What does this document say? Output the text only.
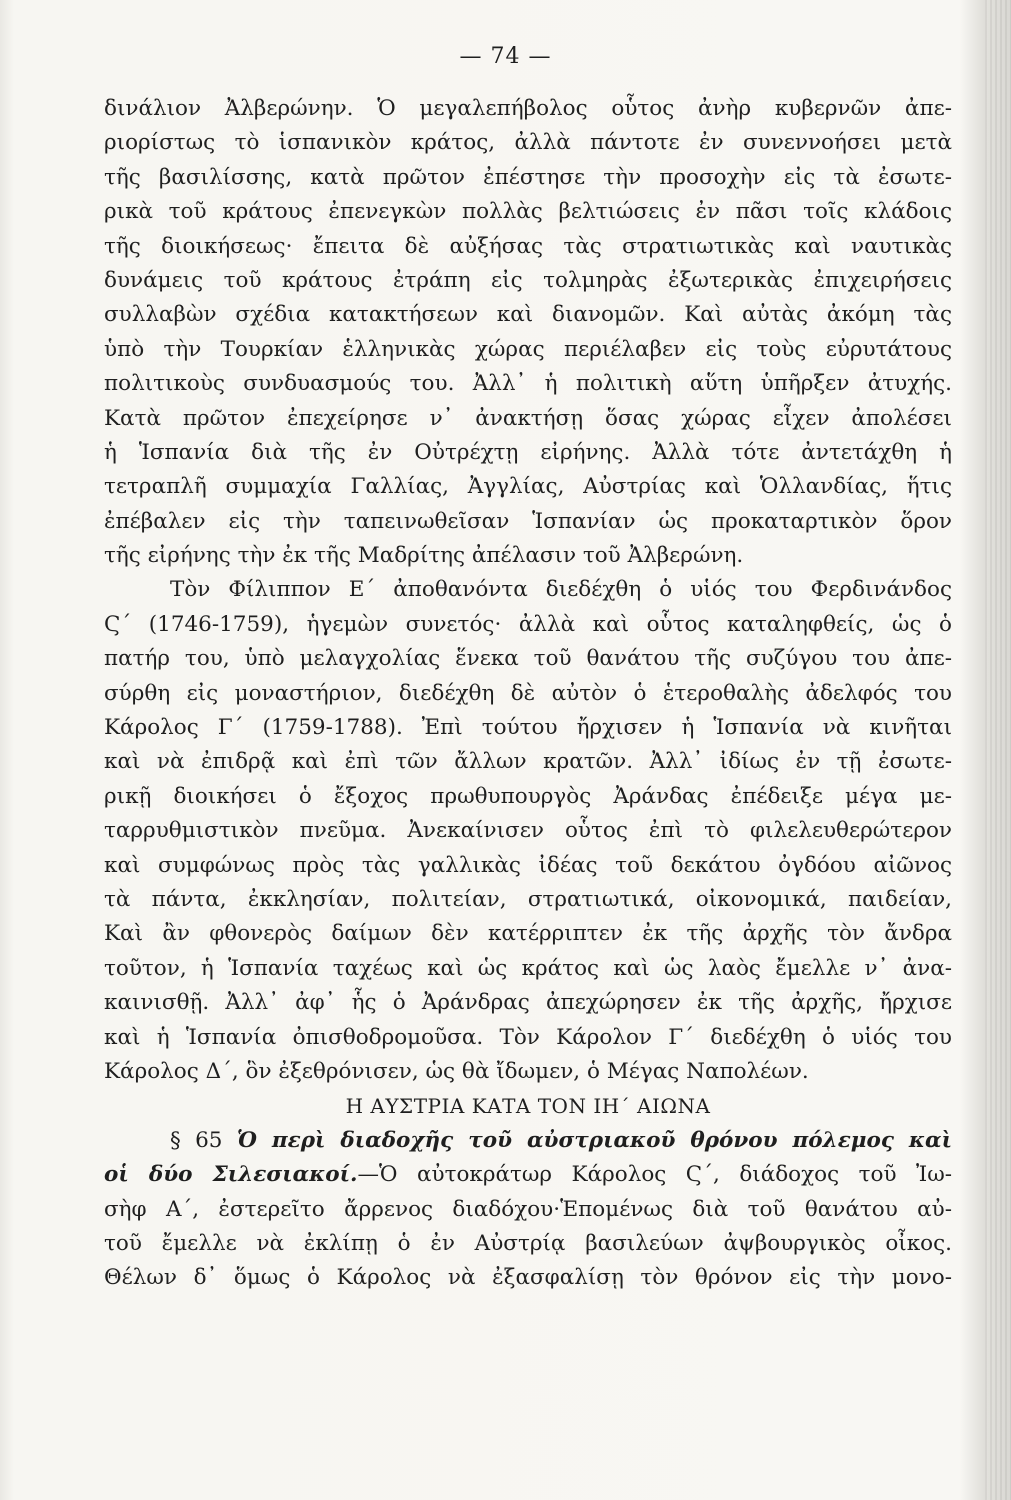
— 74 —
δινάλιον Ἀλβερώνην. Ὁ μεγαλεπήβολος οὗτος ἀνὴρ κυβερνῶν ἀπε-
ριορίστως τὸ ἱσπανικὸν κράτος, ἀλλὰ πάντοτε ἐν συνεννοήσει μετὰ
τῆς βασιλίσσης, κατὰ πρῶτον ἐπέστησε τὴν προσοχὴν εἰς τὰ ἐσωτε-
ρικὰ τοῦ κράτους ἐπενεγκὼν πολλὰς βελτιώσεις ἐν πᾶσι τοῖς κλάδοις
τῆς διοικήσεως· ἔπειτα δὲ αὐξήσας τὰς στρατιωτικὰς καὶ ναυτικὰς
δυνάμεις τοῦ κράτους ἐτράπη εἰς τολμηρὰς ἐξωτερικὰς ἐπιχειρήσεις
συλλαβὼν σχέδια κατακτήσεων καὶ διανομῶν. Καὶ αὐτὰς ἀκόμη τὰς
ὑπὸ τὴν Τουρκίαν ἑλληνικὰς χώρας περιέλαβεν εἰς τοὺς εὐρυτάτους
πολιτικοὺς συνδυασμούς του. Ἀλλ᾽ ἡ πολιτικὴ αὕτη ὑπῆρξεν ἀτυχής.
Κατὰ πρῶτον ἐπεχείρησε ν᾽ ἀνακτήσῃ ὅσας χώρας εἶχεν ἀπολέσει
ἡ Ἱσπανία διὰ τῆς ἐν Οὐτρέχτῃ εἰρήνης. Ἀλλὰ τότε ἀντετάχθη ἡ
τετραπλῆ συμμαχία Γαλλίας, Ἀγγλίας, Αὐστρίας καὶ Ὁλλανδίας, ἥτις
ἐπέβαλεν εἰς τὴν ταπεινωθεῖσαν Ἱσπανίαν ὡς προκαταρτικὸν ὅρον
τῆς εἰρήνης τὴν ἐκ τῆς Μαδρίτης ἀπέλασιν τοῦ Ἀλβερώνη.
Τὸν Φίλιππον Ε΄ ἀποθανόντα διεδέχθη ὁ υἱός του Φερδινάνδος
Ϛ΄ (1746-1759), ἡγεμὼν συνετός· ἀλλὰ καὶ οὗτος καταληφθείς, ὡς ὁ
πατήρ του, ὑπὸ μελαγχολίας ἕνεκα τοῦ θανάτου τῆς συζύγου του ἀπε-
σύρθη εἰς μοναστήριον, διεδέχθη δὲ αὐτὸν ὁ ἑτεροθαλὴς ἀδελφός του
Κάρολος Γ΄ (1759-1788). Ἐπὶ τούτου ἤρχισεν ἡ Ἱσπανία νὰ κινῆται
καὶ νὰ ἐπιδρᾷ καὶ ἐπὶ τῶν ἄλλων κρατῶν. Ἀλλ᾽ ἰδίως ἐν τῇ ἐσωτε-
ρικῇ διοικήσει ὁ ἔξοχος πρωθυπουργὸς Ἀράνδας ἐπέδειξε μέγα με-
ταρρυθμιστικὸν πνεῦμα. Ἀνεκαίνισεν οὗτος ἐπὶ τὸ φιλελευθερώτερον
καὶ συμφώνως πρὸς τὰς γαλλικὰς ἰδέας τοῦ δεκάτου ὀγδόου αἰῶνος
τὰ πάντα, ἐκκλησίαν, πολιτείαν, στρατιωτικά, οἰκονομικά, παιδείαν,
Καὶ ἂν φθονερὸς δαίμων δὲν κατέρριπτεν ἐκ τῆς ἀρχῆς τὸν ἄνδρα
τοῦτον, ἡ Ἱσπανία ταχέως καὶ ὡς κράτος καὶ ὡς λαὸς ἔμελλε ν᾽ ἀνα-
καινισθῇ. Ἀλλ᾽ ἀφ᾽ ἧς ὁ Ἀράνδρας ἀπεχώρησεν ἐκ τῆς ἀρχῆς, ἤρχισε
καὶ ἡ Ἱσπανία ὀπισθοδρομοῦσα. Τὸν Κάρολον Γ΄ διεδέχθη ὁ υἱός του
Κάρολος Δ΄, ὃν ἐξεθρόνισεν, ὡς θὰ ἴδωμεν, ὁ Μέγας Ναπολέων.
Η ΑΥΣΤΡΙΑ ΚΑΤΑ ΤΟΝ ΙΗ΄ ΑΙΩΝΑ
§ 65 Ὁ περὶ διαδοχῆς τοῦ αὐστριακοῦ θρόνου πόλεμος καὶ
οἱ δύο Σιλεσιακοί.—Ὁ αὐτοκράτωρ Κάρολος Ϛ΄, διάδοχος τοῦ Ἰω-
σὴφ Α΄, ἐστερεῖτο ἄρρενος διαδόχου·Ἑπομένως διὰ τοῦ θανάτου αὐ-
τοῦ ἔμελλε νὰ ἐκλίπῃ ὁ ἐν Αὐστρίᾳ βασιλεύων ἀψβουργικὸς οἶκος.
Θέλων δ᾽ ὅμως ὁ Κάρολος νὰ ἐξασφαλίσῃ τὸν θρόνον εἰς τὴν μονο-
